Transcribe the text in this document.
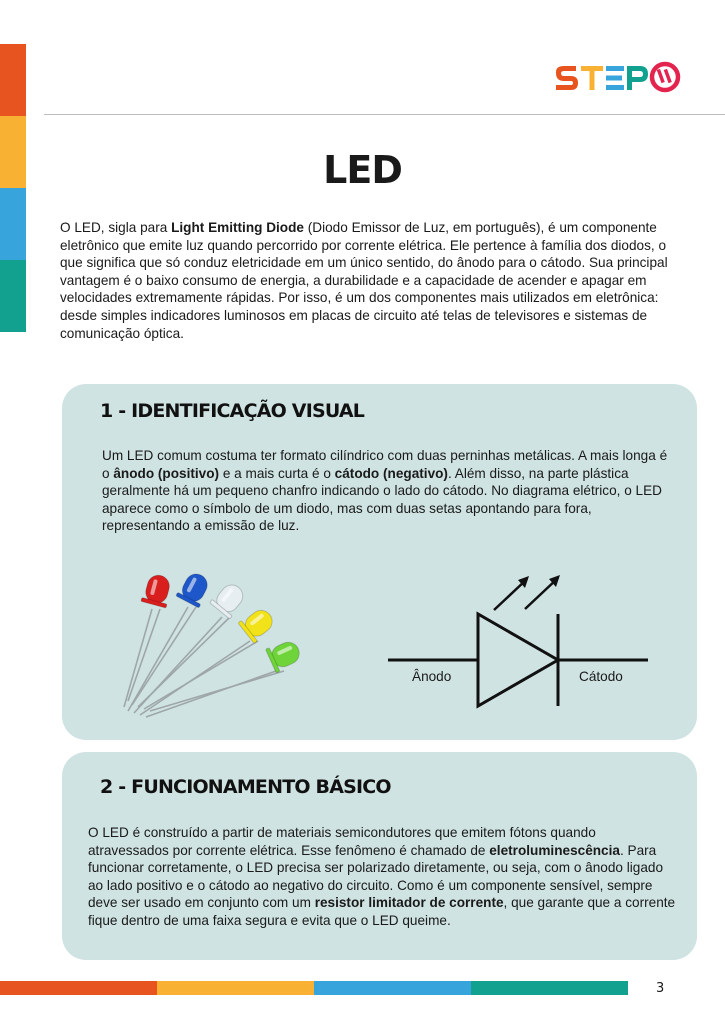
LED

O LED, sigla para Light Emitting Diode (Diodo Emissor de Luz, em português), é um componente eletrônico que emite luz quando percorrido por corrente elétrica. Ele pertence à família dos diodos, o que significa que só conduz eletricidade em um único sentido, do ânodo para o cátodo. Sua principal vantagem é o baixo consumo de energia, a durabilidade e a capacidade de acender e apagar em velocidades extremamente rápidas. Por isso, é um dos componentes mais utilizados em eletrônica: desde simples indicadores luminosos em placas de circuito até telas de televisores e sistemas de comunicação óptica.

1 - IDENTIFICAÇÃO VISUAL

Um LED comum costuma ter formato cilíndrico com duas perninhas metálicas. A mais longa é o ânodo (positivo) e a mais curta é o cátodo (negativo). Além disso, na parte plástica geralmente há um pequeno chanfro indicando o lado do cátodo. No diagrama elétrico, o LED aparece como o símbolo de um diodo, mas com duas setas apontando para fora, representando a emissão de luz.

Ânodo	Cátodo
2 - FUNCIONAMENTO BÁSICO

O LED é construído a partir de materiais semicondutores que emitem fótons quando atravessados por corrente elétrica. Esse fenômeno é chamado de eletroluminescência. Para funcionar corretamente, o LED precisa ser polarizado diretamente, ou seja, com o ânodo ligado ao lado positivo e o cátodo ao negativo do circuito. Como é um componente sensível, sempre deve ser usado em conjunto com um resistor limitador de corrente, que garante que a corrente fique dentro de uma faixa segura e evita que o LED queime.

3
